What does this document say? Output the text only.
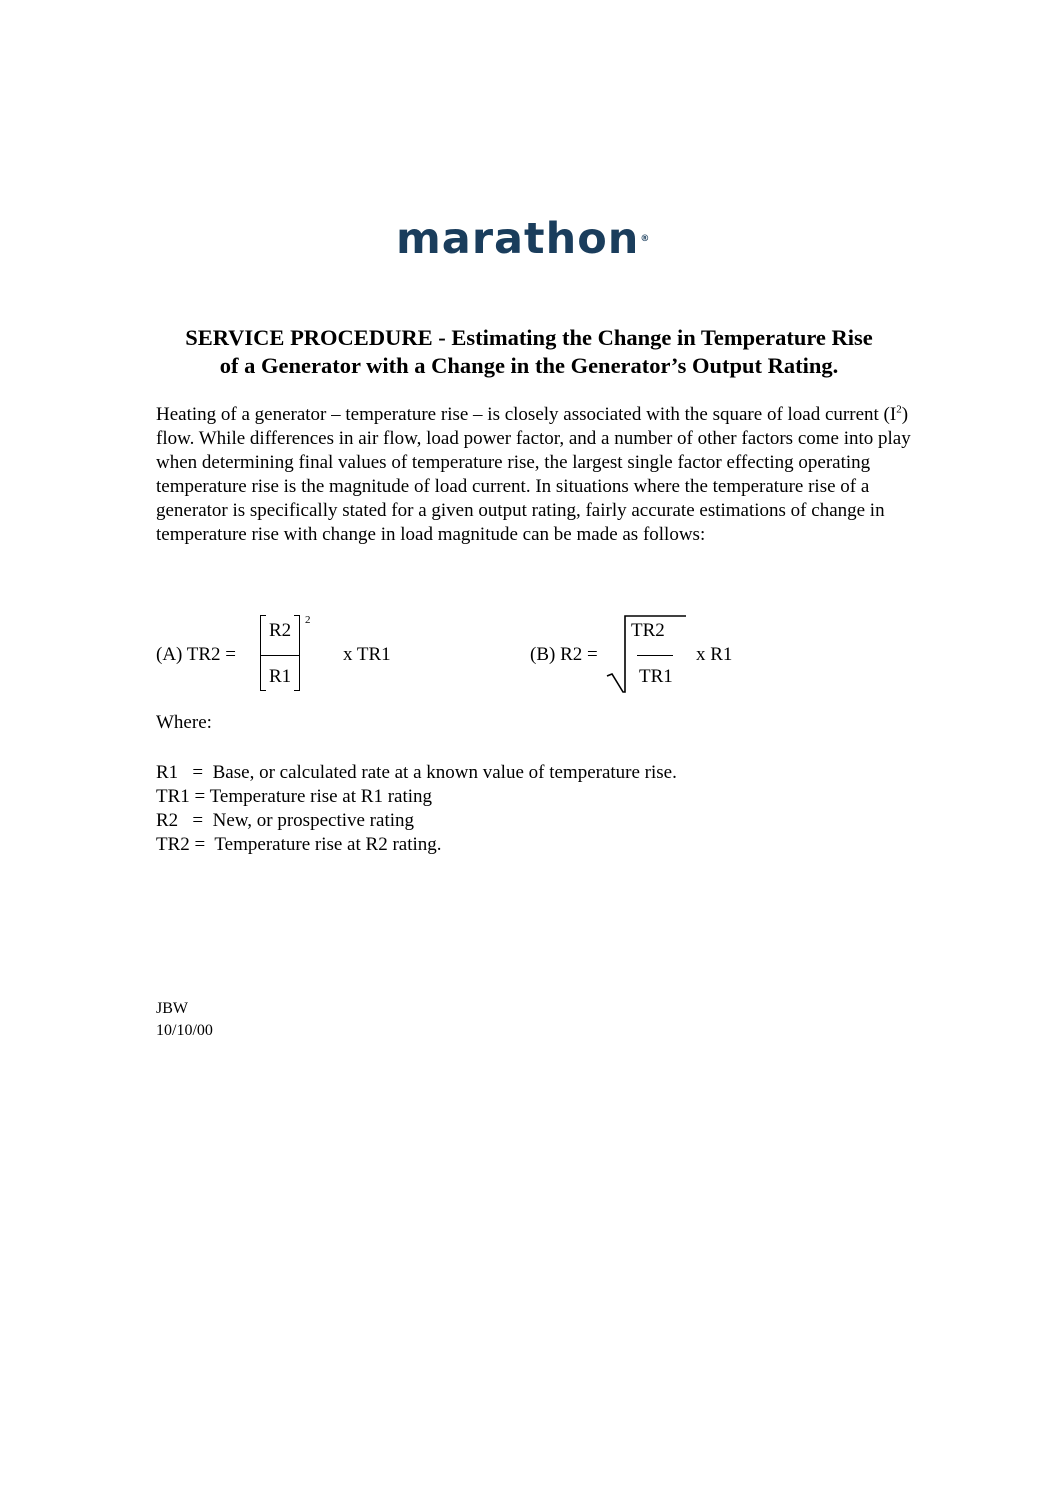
marathon®
SERVICE PROCEDURE - Estimating the Change in Temperature Rise
of a Generator with a Change in the Generator’s Output Rating.
Heating of a generator – temperature rise – is closely associated with the square of load current $(I^2)$ flow. While differences in air flow, load power factor, and a number of other factors come into play when determining final values of temperature rise, the largest single factor effecting operating temperature rise is the magnitude of load current. In situations where the temperature rise of a generator is specifically stated for a given output rating, fairly accurate estimations of change in temperature rise with change in load magnitude can be made as follows:
(A) TR2 =
R2
R1
2
x TR1	(B) R2 =
TR2
TR1
x R1
Where:
R1   =  Base, or calculated rate at a known value of temperature rise.
TR1 = Temperature rise at R1 rating
R2   =  New, or prospective rating
TR2 =  Temperature rise at R2 rating.
JBW
10/10/00
